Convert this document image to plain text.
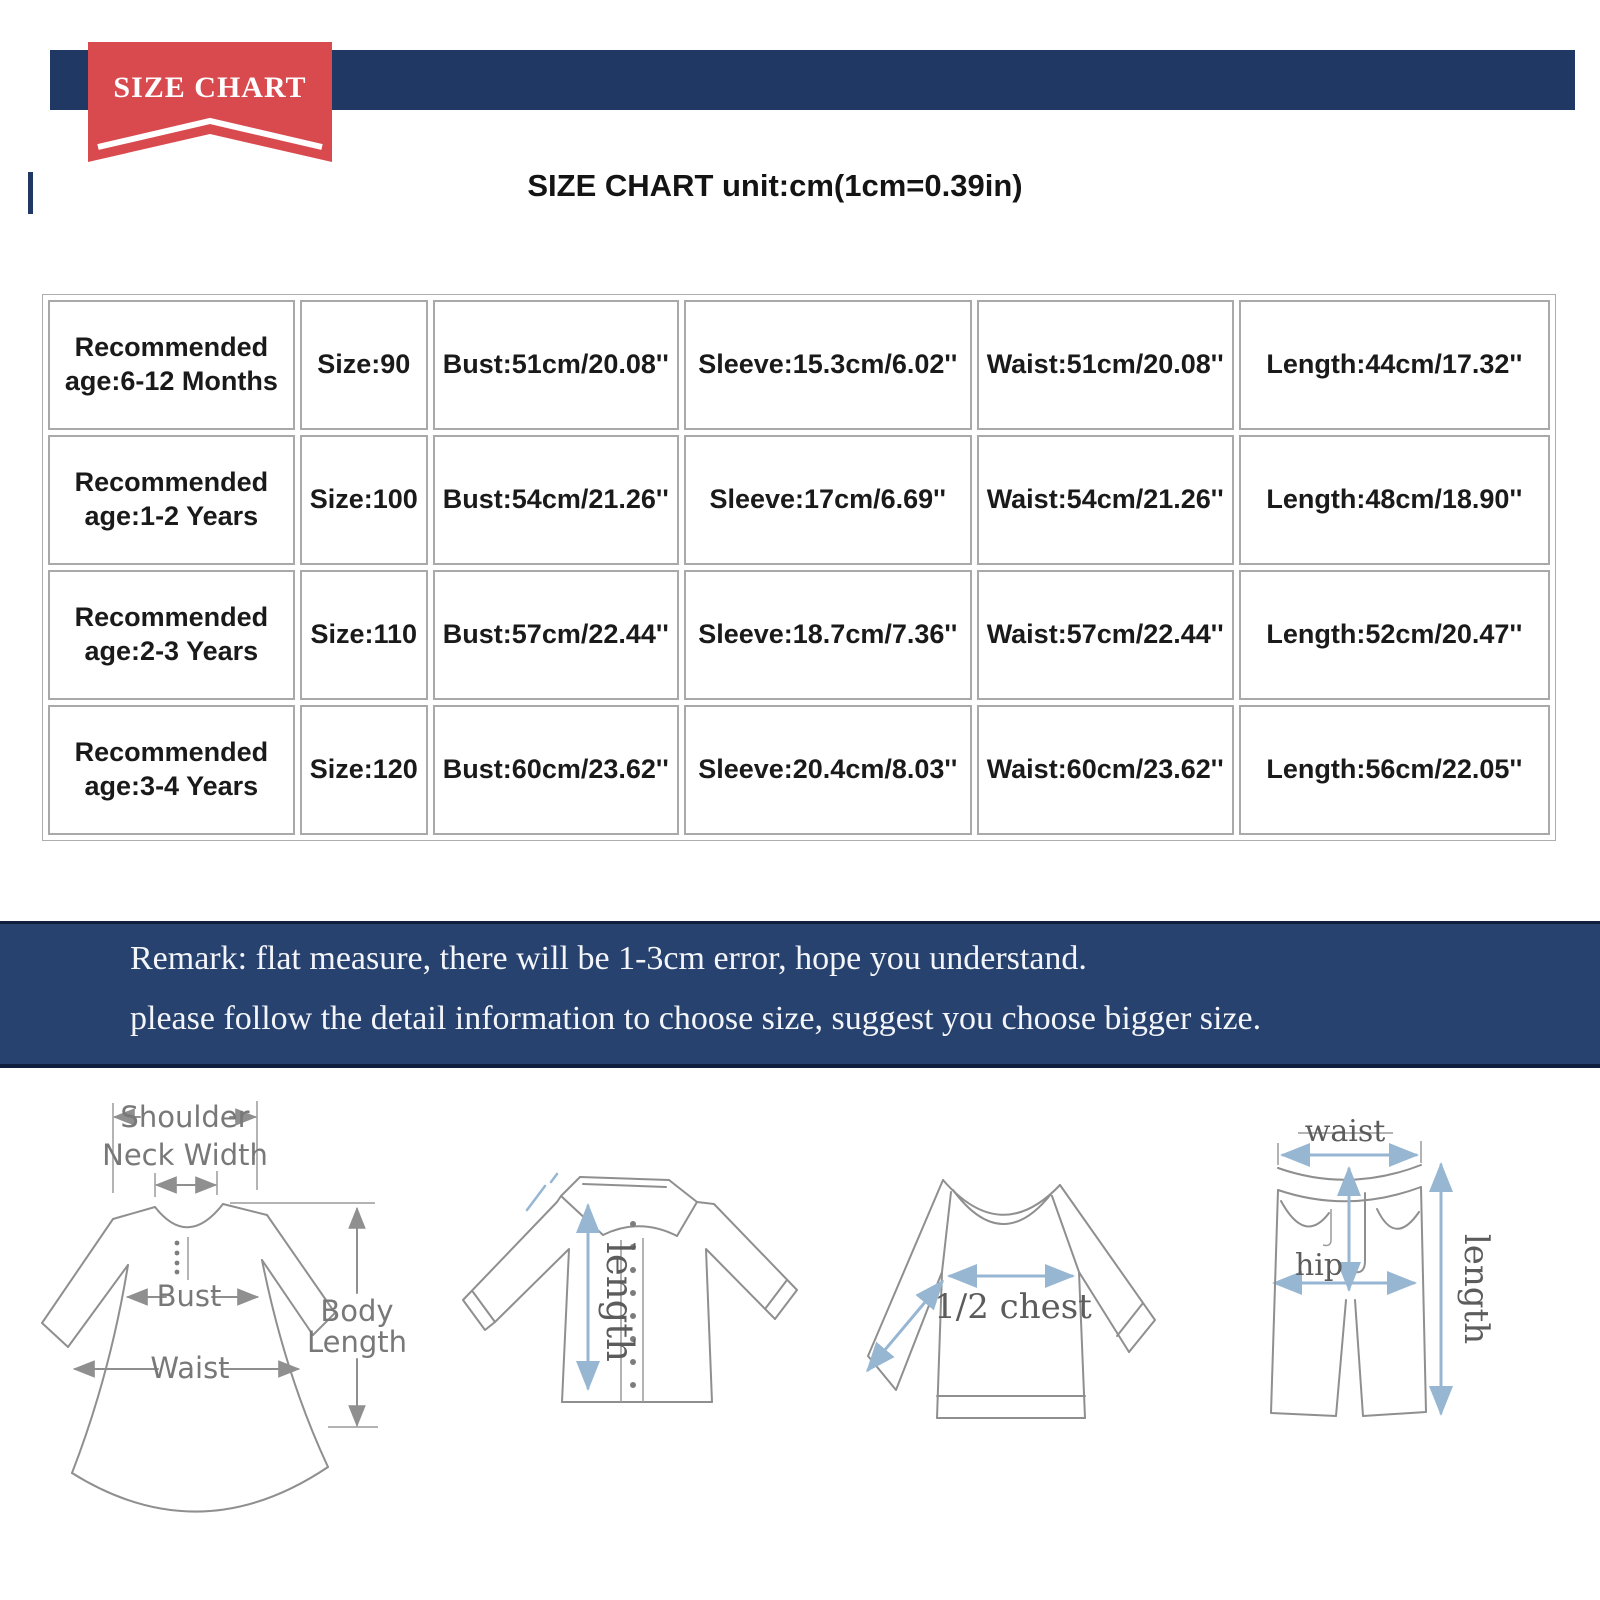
SIZE CHART
SIZE CHART unit:cm(1cm=0.39in)
Recommended age:6-12 Months	Size:90	Bust:51cm/20.08''	Sleeve:15.3cm/6.02''	Waist:51cm/20.08''	Length:44cm/17.32''
Recommended age:1-2 Years	Size:100	Bust:54cm/21.26''	Sleeve:17cm/6.69''	Waist:54cm/21.26''	Length:48cm/18.90''
Recommended age:2-3 Years	Size:110	Bust:57cm/22.44''	Sleeve:18.7cm/7.36''	Waist:57cm/22.44''	Length:52cm/20.47''
Recommended age:3-4 Years	Size:120	Bust:60cm/23.62''	Sleeve:20.4cm/8.03''	Waist:60cm/23.62''	Length:56cm/22.05''

Remark: flat measure, there will be 1-3cm error, hope you understand.

please follow the detail information to choose size, suggest you choose bigger size.

Shoulder
Neck Width
Bust
Waist
Body
Length	length	1/2 chest
waist
hip	length
